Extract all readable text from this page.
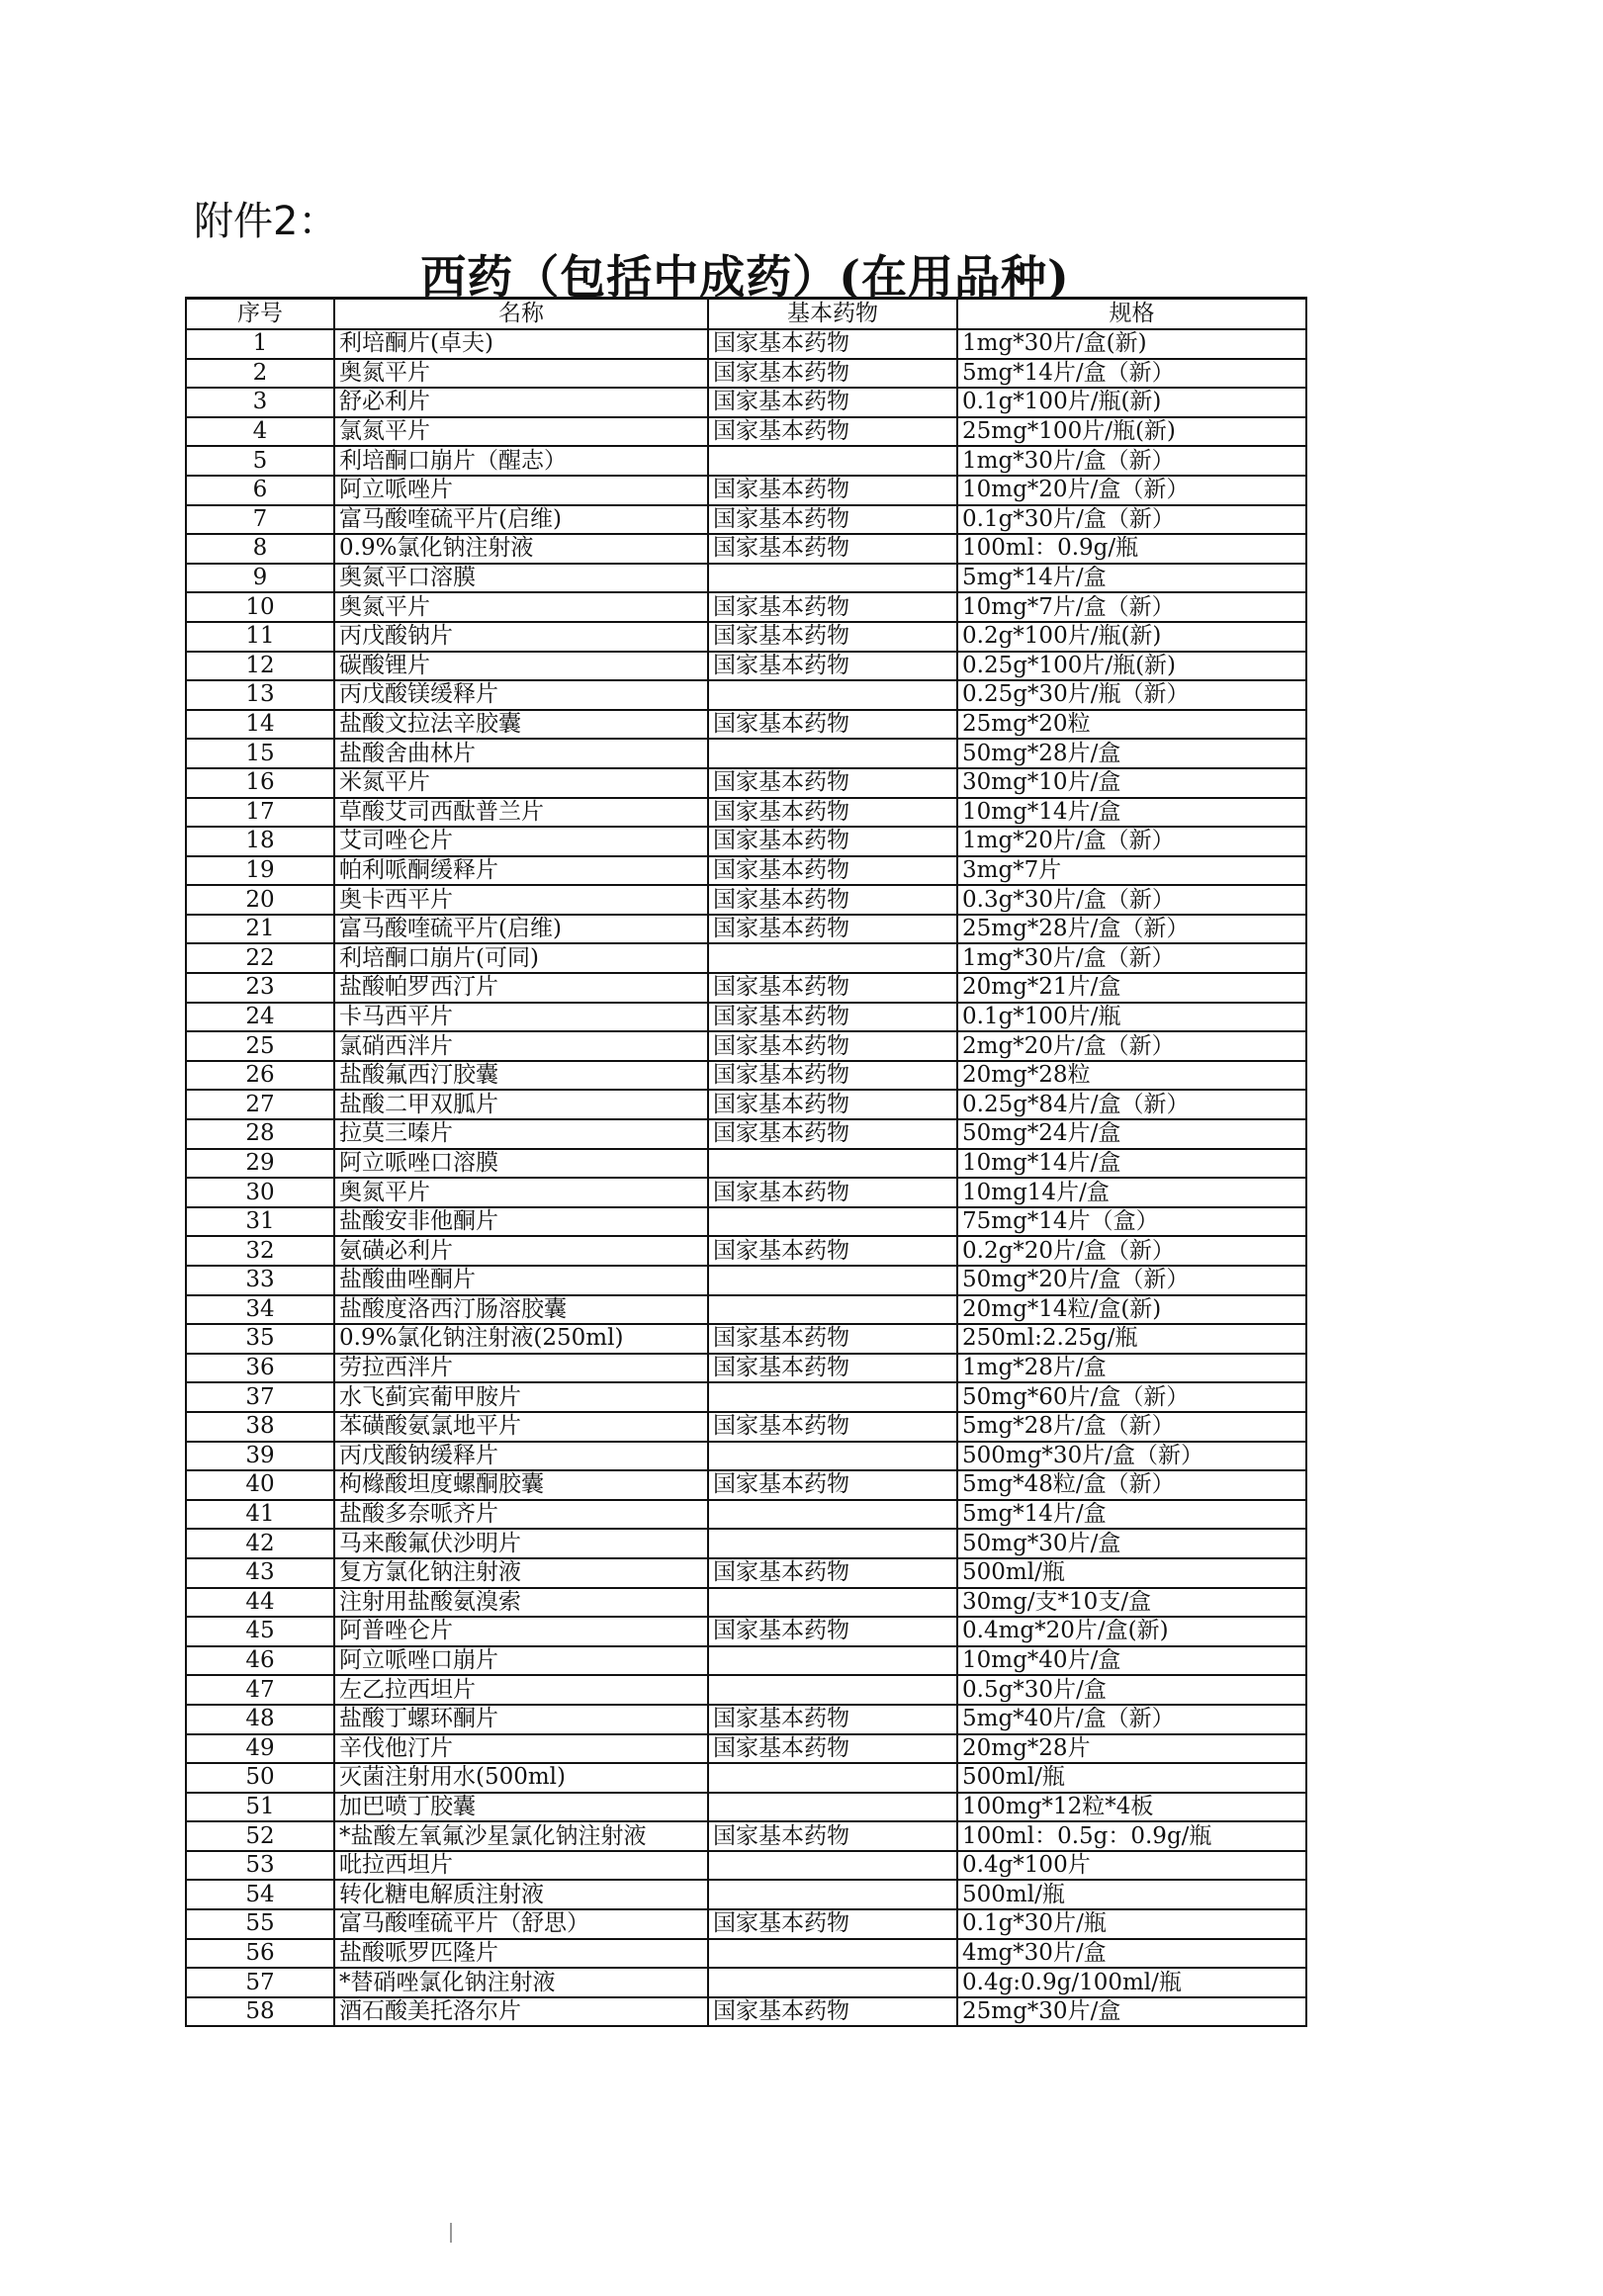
附件2：
西药（包括中成药）(在用品种)
序号	名称	基本药物	规格
1	利培酮片(卓夫)	国家基本药物	1mg*30片/盒(新)
2	奥氮平片	国家基本药物	5mg*14片/盒（新）
3	舒必利片	国家基本药物	0.1g*100片/瓶(新)
4	氯氮平片	国家基本药物	25mg*100片/瓶(新)
5	利培酮口崩片（醒志）		1mg*30片/盒（新）
6	阿立哌唑片	国家基本药物	10mg*20片/盒（新）
7	富马酸喹硫平片(启维)	国家基本药物	0.1g*30片/盒（新）
8	0.9%氯化钠注射液	国家基本药物	100ml：0.9g/瓶
9	奥氮平口溶膜		5mg*14片/盒
10	奥氮平片	国家基本药物	10mg*7片/盒（新）
11	丙戊酸钠片	国家基本药物	0.2g*100片/瓶(新)
12	碳酸锂片	国家基本药物	0.25g*100片/瓶(新)
13	丙戊酸镁缓释片		0.25g*30片/瓶（新）
14	盐酸文拉法辛胶囊	国家基本药物	25mg*20粒
15	盐酸舍曲林片		50mg*28片/盒
16	米氮平片	国家基本药物	30mg*10片/盒
17	草酸艾司西酞普兰片	国家基本药物	10mg*14片/盒
18	艾司唑仑片	国家基本药物	1mg*20片/盒（新）
19	帕利哌酮缓释片	国家基本药物	3mg*7片
20	奥卡西平片	国家基本药物	0.3g*30片/盒（新）
21	富马酸喹硫平片(启维)	国家基本药物	25mg*28片/盒（新）
22	利培酮口崩片(可同)		1mg*30片/盒（新）
23	盐酸帕罗西汀片	国家基本药物	20mg*21片/盒
24	卡马西平片	国家基本药物	0.1g*100片/瓶
25	氯硝西泮片	国家基本药物	2mg*20片/盒（新）
26	盐酸氟西汀胶囊	国家基本药物	20mg*28粒
27	盐酸二甲双胍片	国家基本药物	0.25g*84片/盒（新）
28	拉莫三嗪片	国家基本药物	50mg*24片/盒
29	阿立哌唑口溶膜		10mg*14片/盒
30	奥氮平片	国家基本药物	10mg14片/盒
31	盐酸安非他酮片		75mg*14片（盒）
32	氨磺必利片	国家基本药物	0.2g*20片/盒（新）
33	盐酸曲唑酮片		50mg*20片/盒（新）
34	盐酸度洛西汀肠溶胶囊		20mg*14粒/盒(新)
35	0.9%氯化钠注射液(250ml)	国家基本药物	250ml:2.25g/瓶
36	劳拉西泮片	国家基本药物	1mg*28片/盒
37	水飞蓟宾葡甲胺片		50mg*60片/盒（新）
38	苯磺酸氨氯地平片	国家基本药物	5mg*28片/盒（新）
39	丙戊酸钠缓释片		500mg*30片/盒（新）
40	枸橼酸坦度螺酮胶囊	国家基本药物	5mg*48粒/盒（新）
41	盐酸多奈哌齐片		5mg*14片/盒
42	马来酸氟伏沙明片		50mg*30片/盒
43	复方氯化钠注射液	国家基本药物	500ml/瓶
44	注射用盐酸氨溴索		30mg/支*10支/盒
45	阿普唑仑片	国家基本药物	0.4mg*20片/盒(新)
46	阿立哌唑口崩片		10mg*40片/盒
47	左乙拉西坦片		0.5g*30片/盒
48	盐酸丁螺环酮片	国家基本药物	5mg*40片/盒（新）
49	辛伐他汀片	国家基本药物	20mg*28片
50	灭菌注射用水(500ml)		500ml/瓶
51	加巴喷丁胶囊		100mg*12粒*4板
52	*盐酸左氧氟沙星氯化钠注射液	国家基本药物	100ml：0.5g：0.9g/瓶
53	吡拉西坦片		0.4g*100片
54	转化糖电解质注射液		500ml/瓶
55	富马酸喹硫平片（舒思）	国家基本药物	0.1g*30片/瓶
56	盐酸哌罗匹隆片		4mg*30片/盒
57	*替硝唑氯化钠注射液		0.4g:0.9g/100ml/瓶
58	酒石酸美托洛尔片	国家基本药物	25mg*30片/盒
